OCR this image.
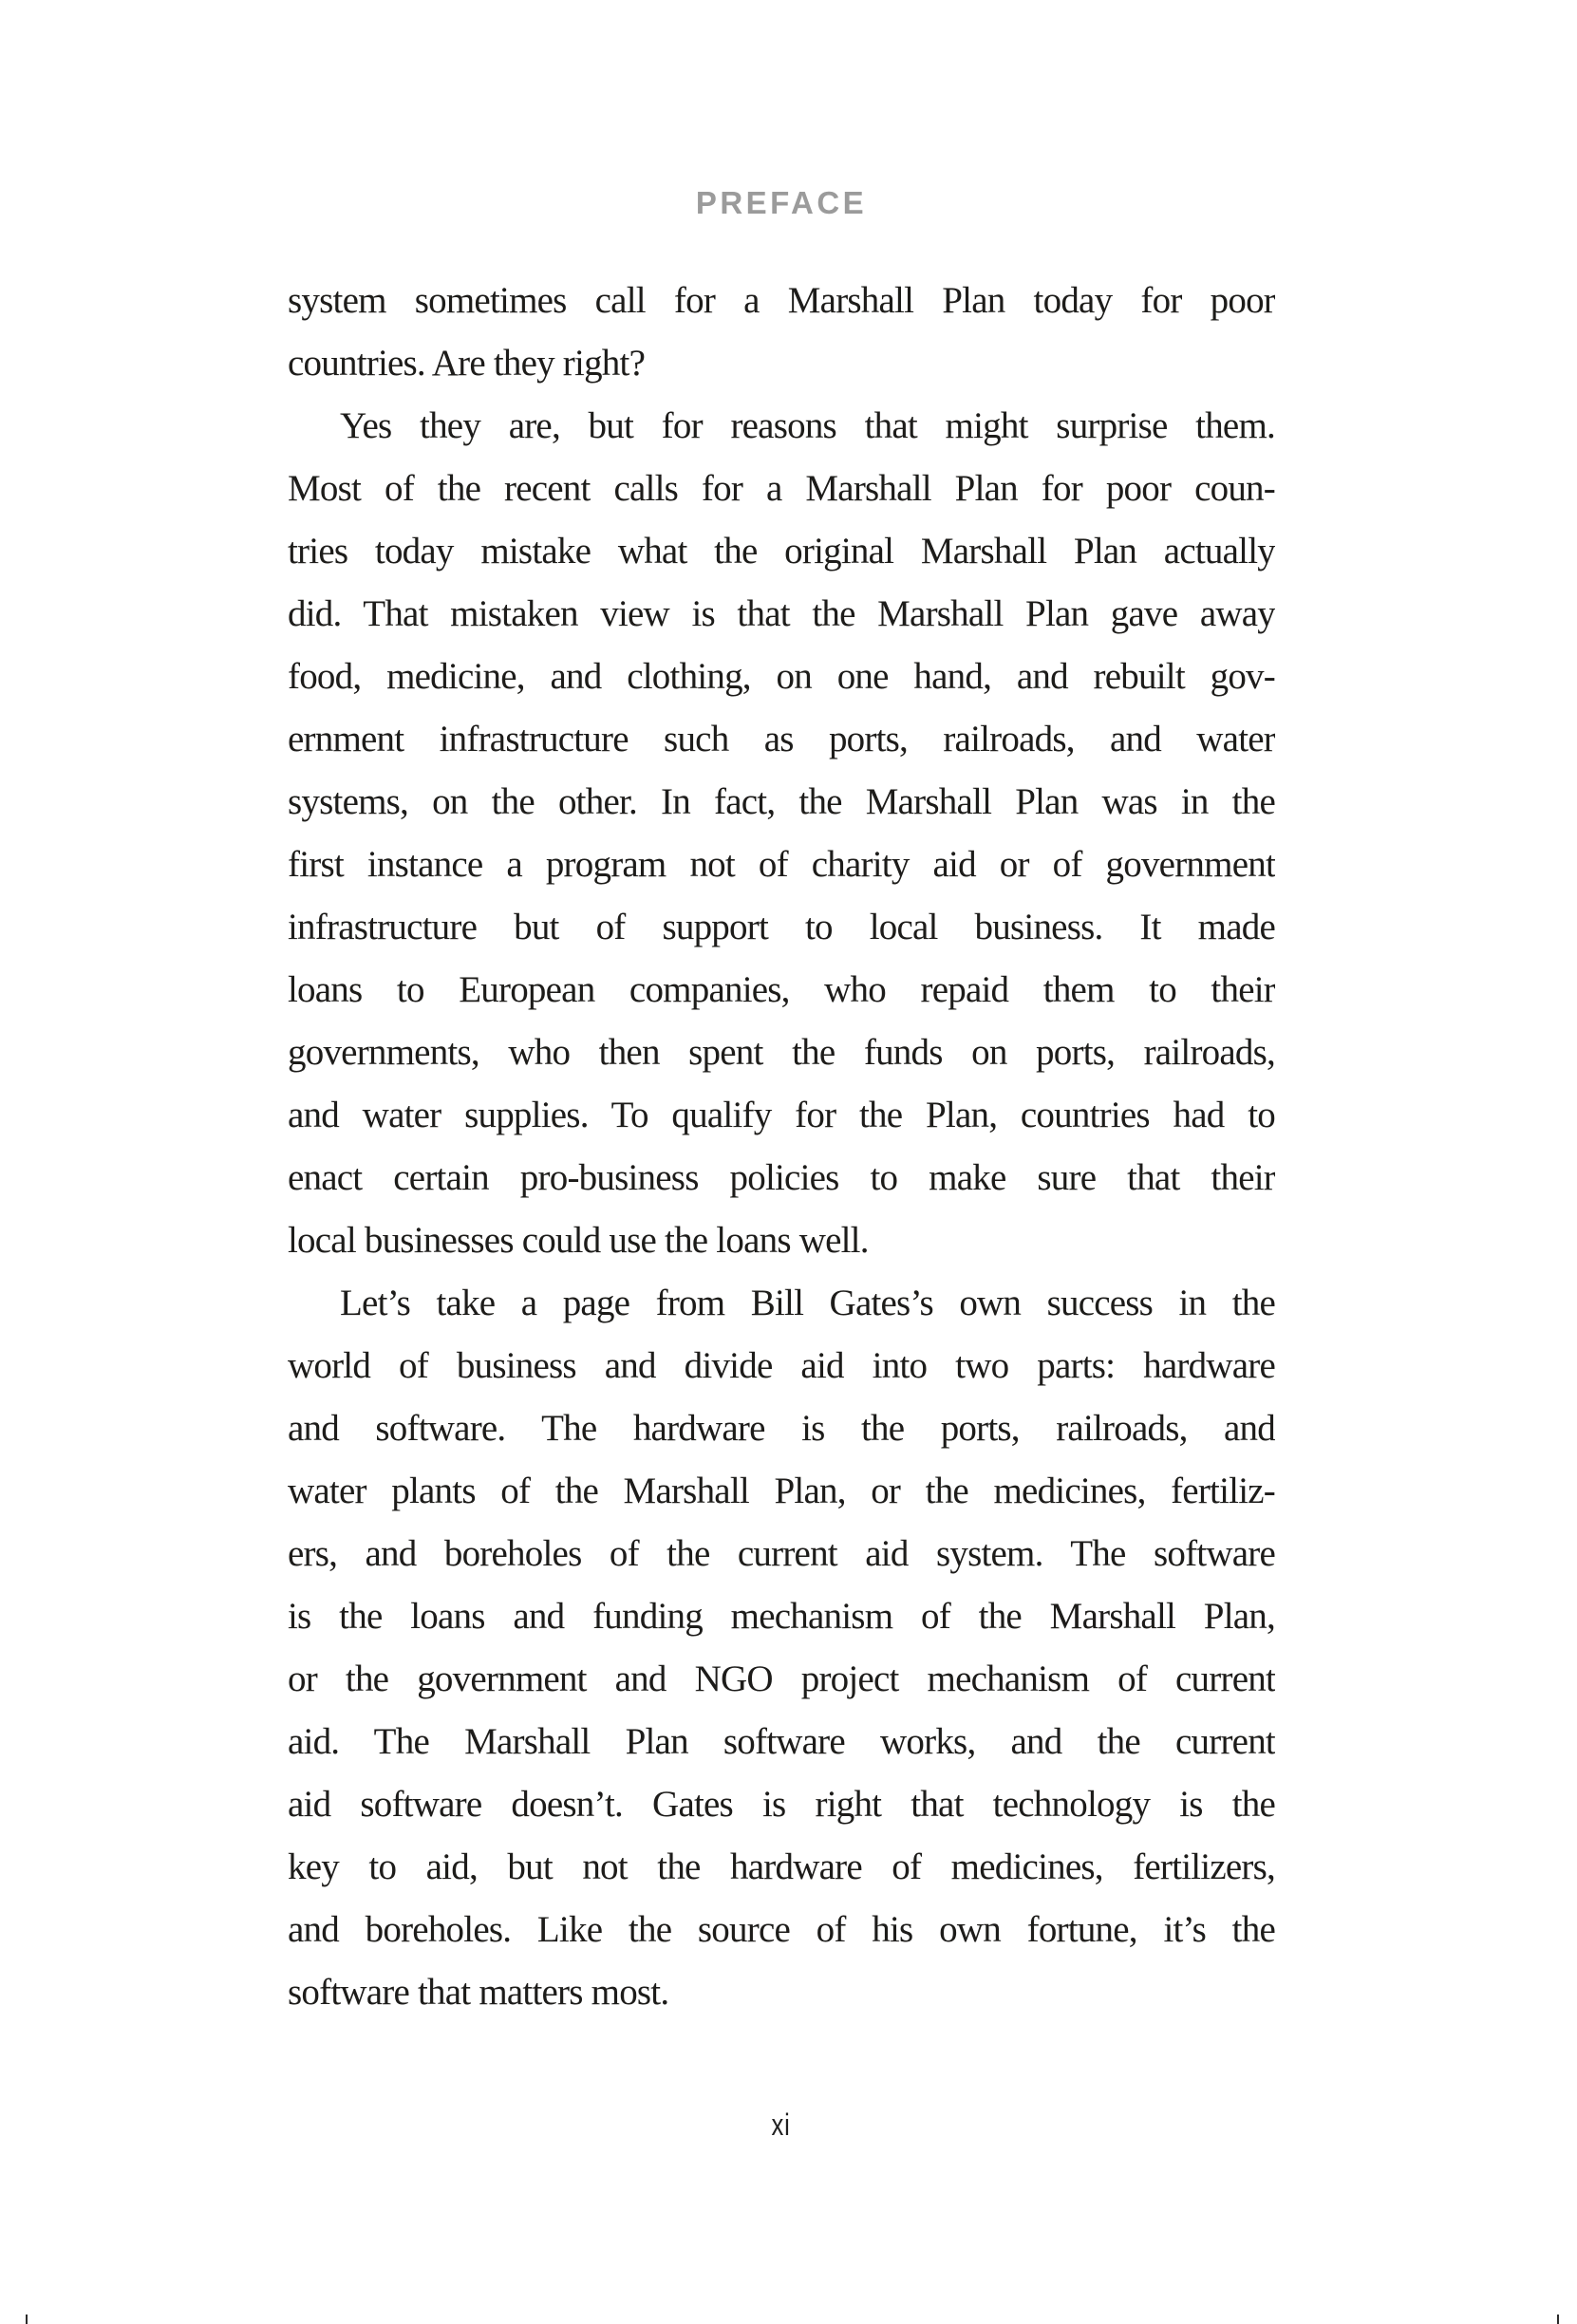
PREFACE
system sometimes call for a Marshall Plan today for poor
countries. Are they right?
Yes they are, but for reasons that might surprise them.
Most of the recent calls for a Marshall Plan for poor coun-
tries today mistake what the original Marshall Plan actually
did. That mistaken view is that the Marshall Plan gave away
food, medicine, and clothing, on one hand, and rebuilt gov-
ernment infrastructure such as ports, railroads, and water
systems, on the other. In fact, the Marshall Plan was in the
first instance a program not of charity aid or of government
infrastructure but of support to local business. It made
loans to European companies, who repaid them to their
governments, who then spent the funds on ports, railroads,
and water supplies. To qualify for the Plan, countries had to
enact certain pro-business policies to make sure that their
local businesses could use the loans well.
Let’s take a page from Bill Gates’s own success in the
world of business and divide aid into two parts: hardware
and software. The hardware is the ports, railroads, and
water plants of the Marshall Plan, or the medicines, fertiliz-
ers, and boreholes of the current aid system. The software
is the loans and funding mechanism of the Marshall Plan,
or the government and NGO project mechanism of current
aid. The Marshall Plan software works, and the current
aid software doesn’t. Gates is right that technology is the
key to aid, but not the hardware of medicines, fertilizers,
and boreholes. Like the source of his own fortune, it’s the
software that matters most.
xi
